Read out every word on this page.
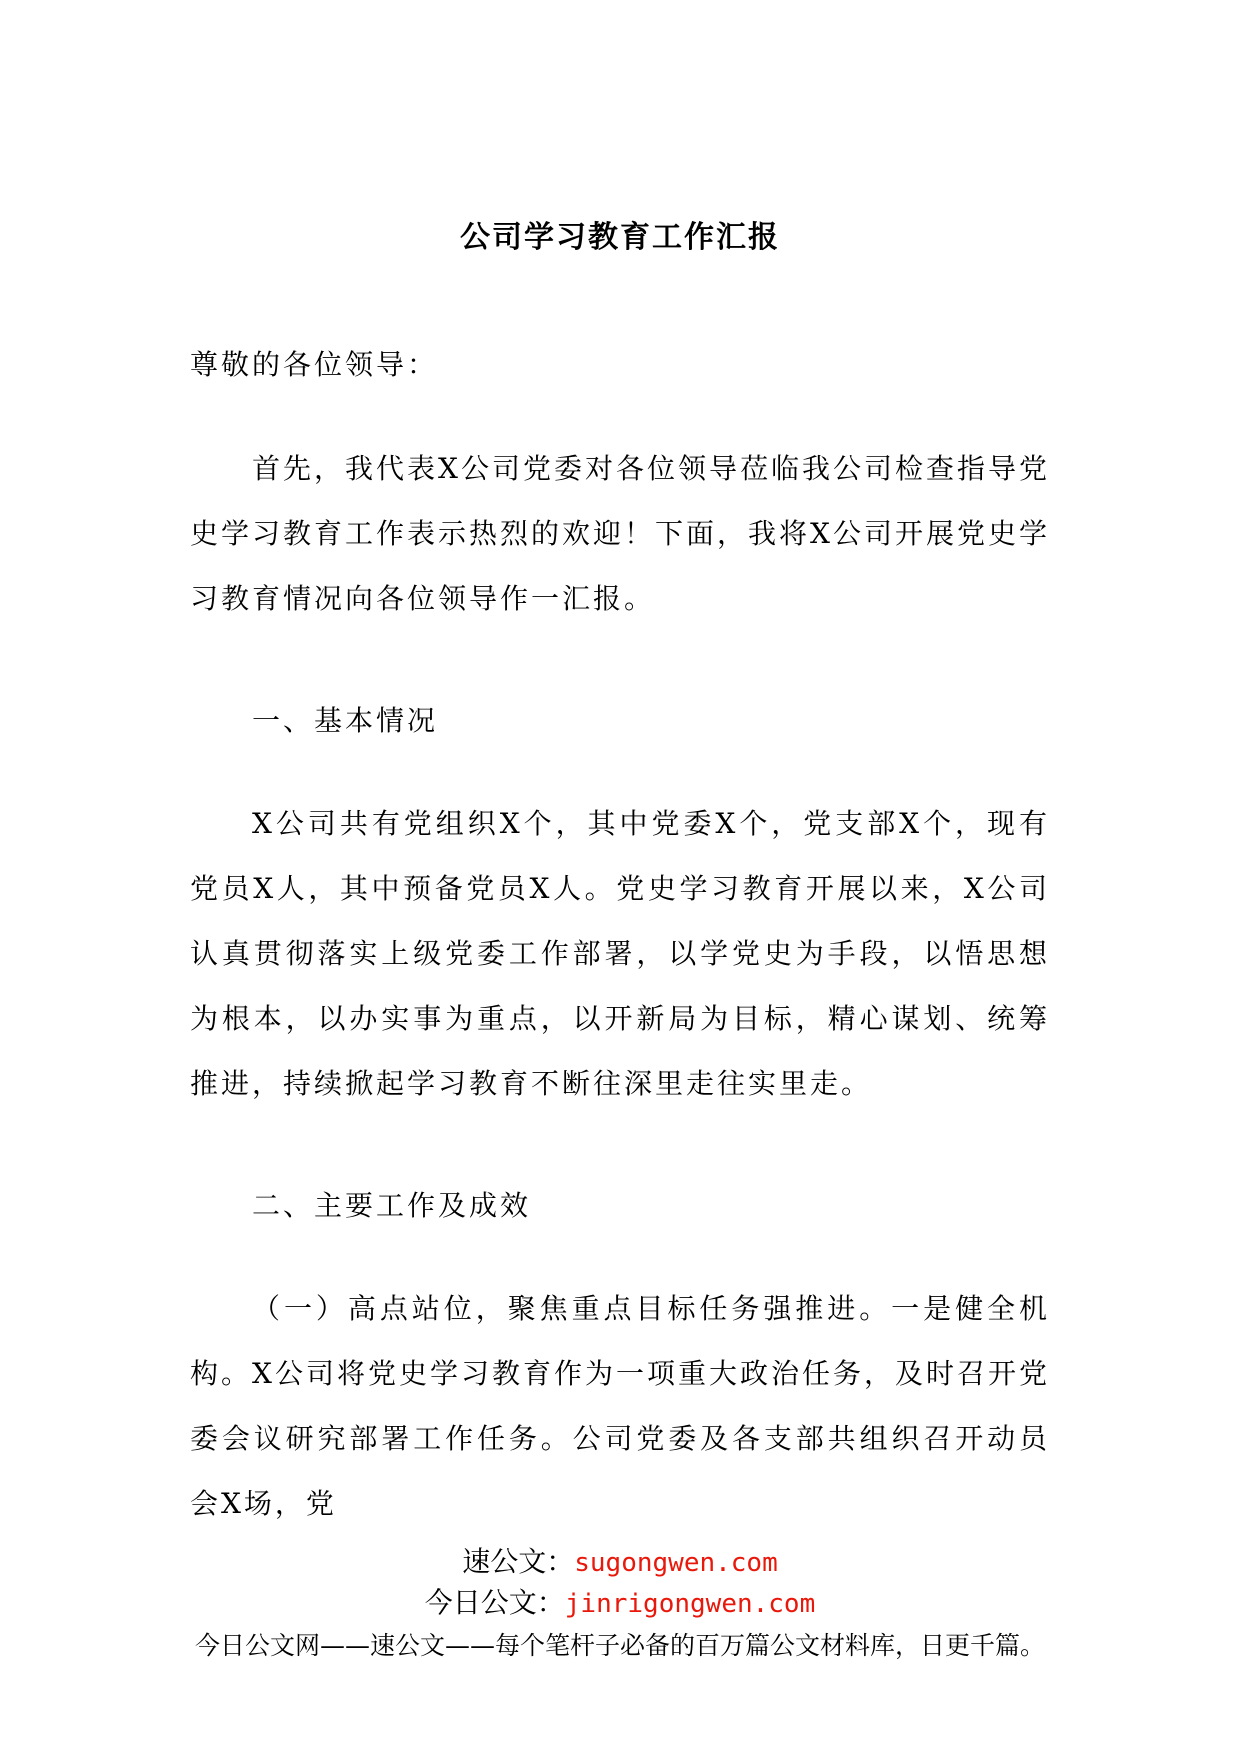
公司学习教育工作汇报
尊敬的各位领导：
首先，我代表X公司党委对各位领导莅临我公司检查指导党史学习教育工作表示热烈的欢迎！下面，我将X公司开展党史学习教育情况向各位领导作一汇报。
一、基本情况
X公司共有党组织X个，其中党委X个，党支部X个，现有党员X人，其中预备党员X人。党史学习教育开展以来，X公司认真贯彻落实上级党委工作部署，以学党史为手段，以悟思想为根本，以办实事为重点，以开新局为目标，精心谋划、统筹推进，持续掀起学习教育不断往深里走往实里走。
二、主要工作及成效
（一）高点站位，聚焦重点目标任务强推进。一是健全机构。X公司将党史学习教育作为一项重大政治任务，及时召开党委会议研究部署工作任务。公司党委及各支部共组织召开动员会X场，党
速公文：sugongwen.com
今日公文：jinrigongwen.com
今日公文网——速公文——每个笔杆子必备的百万篇公文材料库，日更千篇。
